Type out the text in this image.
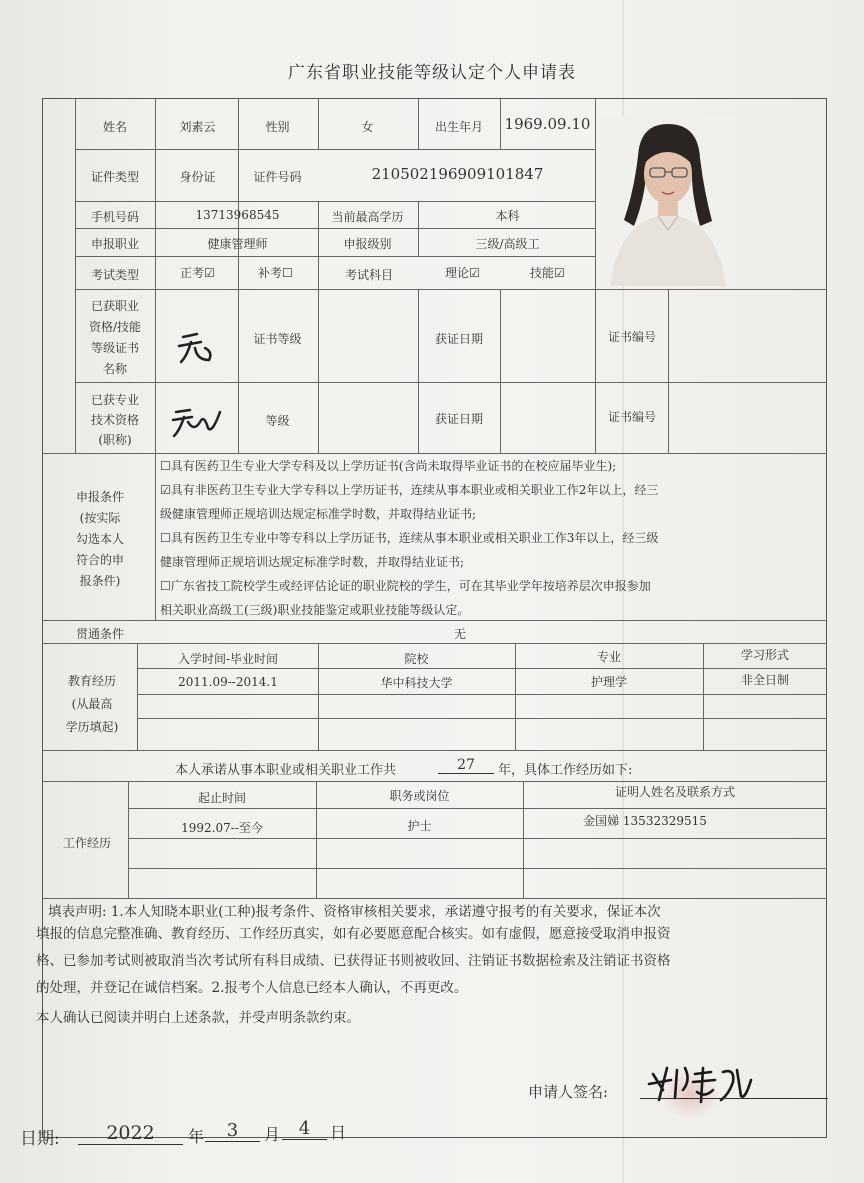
广东省职业技能等级认定个人申请表
姓名	刘素云	性别	女	出生年月	1969.09.10
证件类型	身份证	证件号码	210502196909101847
手机号码	13713968545	当前最高学历	本科
申报职业	健康管理师	申报级别	三级/高级工
考试类型	正考☑	补考☐	考试科目	理论☑	技能☑
已获职业
资格/技能
等级证书
名称
证书等级	获证日期	证书编号
已获专业
技术资格
(职称)
等级	获证日期	证书编号
申报条件
(按实际
勾选本人
符合的申
报条件)
☐具有医药卫生专业大学专科及以上学历证书(含尚未取得毕业证书的在校应届毕业生);
☑具有非医药卫生专业大学专科以上学历证书，连续从事本职业或相关职业工作2年以上，经三
级健康管理师正规培训达规定标准学时数，并取得结业证书;
☐具有医药卫生专业中等专科以上学历证书，连续从事本职业或相关职业工作3年以上，经三级
健康管理师正规培训达规定标准学时数，并取得结业证书;
☐广东省技工院校学生或经评估论证的职业院校的学生，可在其毕业学年按培养层次申报参加
相关职业高级工(三级)职业技能鉴定或职业技能等级认定。
贯通条件	无
教育经历
(从最高
学历填起)
入学时间-毕业时间	院校	专业	学习形式
2011.09--2014.1	华中科技大学	护理学	非全日制
本人承诺从事本职业或相关职业工作共	27	年，具体工作经历如下:
工作经历
起止时间	职务或岗位	证明人姓名及联系方式
1992.07--至今	护士	金国娣 13532329515
填报的信息完整准确、教育经历、工作经历真实，如有必要愿意配合核实。如有虚假，愿意接受取消申报资
格、已参加考试则被取消当次考试所有科目成绩、已获得证书则被收回、注销证书数据检索及注销证书资格
的处理，并登记在诚信档案。2.报考个人信息已经本人确认，不再更改。
本人确认已阅读并明白上述条款，并受声明条款约束。
填表声明: 1.本人知晓本职业(工种)报考条件、资格审核相关要求，承诺遵守报考的有关要求，保证本次
申请人签名:
日期:	2022	年	3	月	4	日
